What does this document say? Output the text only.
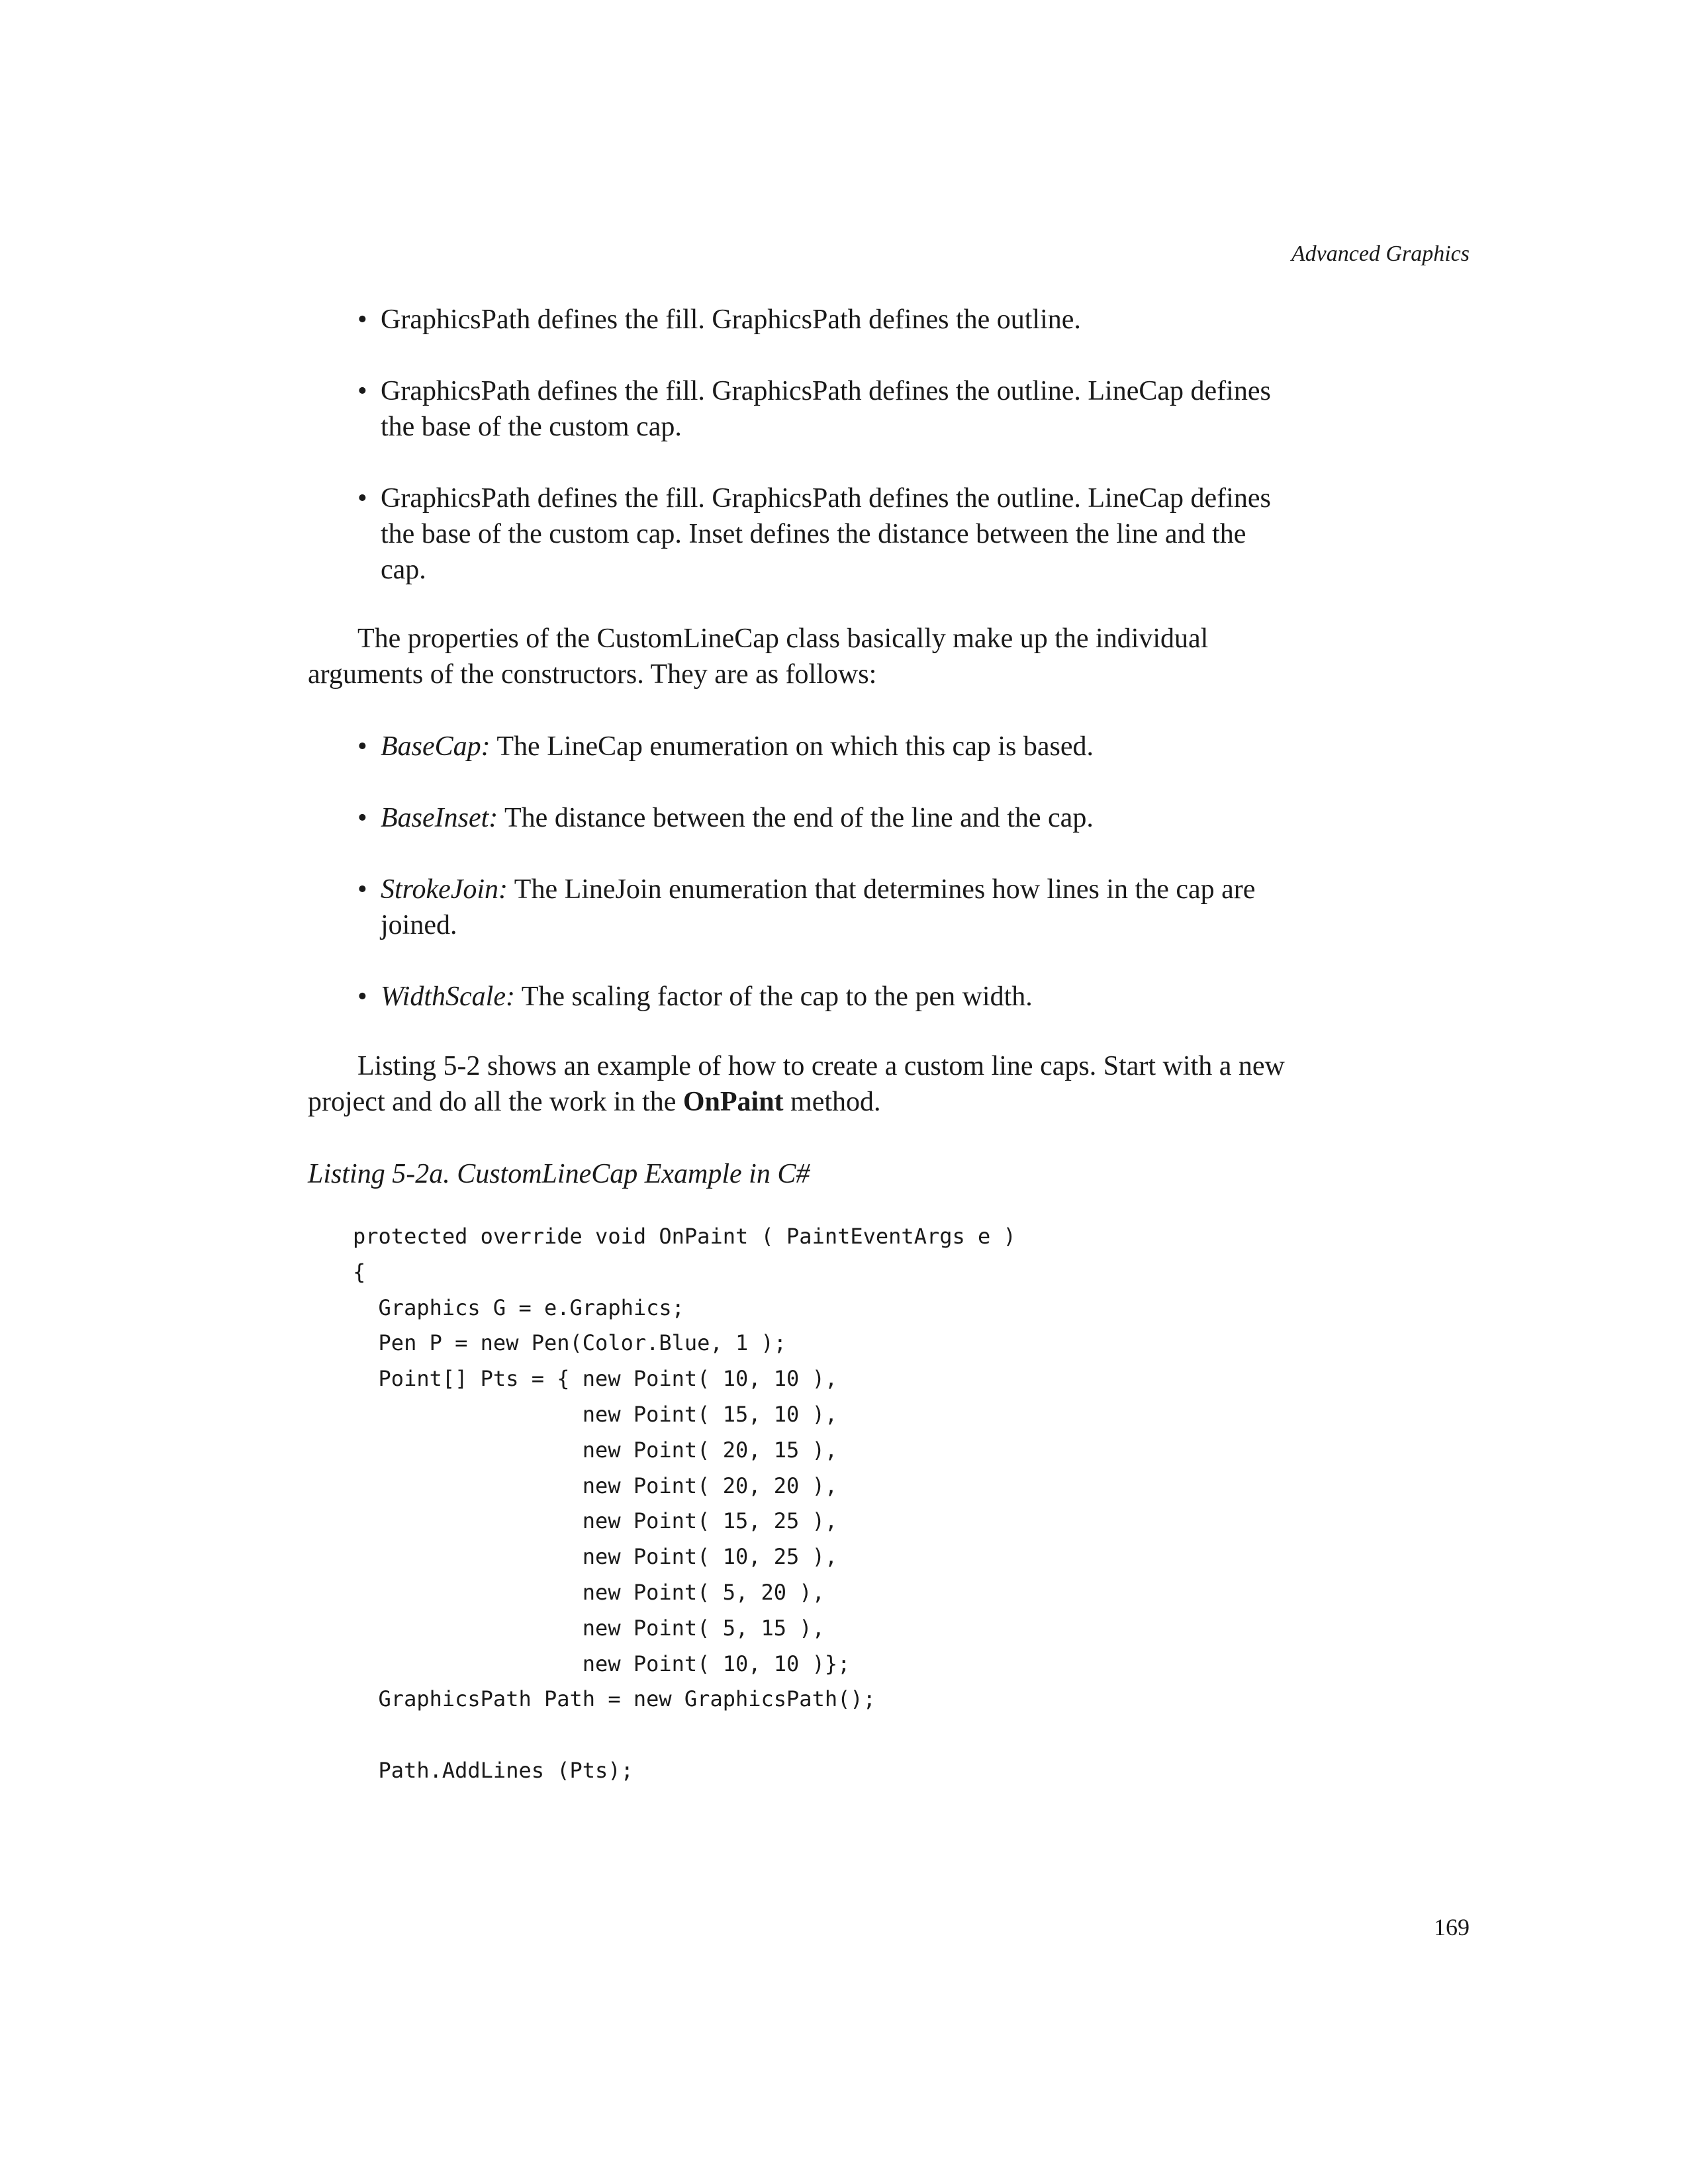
Advanced Graphics
• GraphicsPath defines the fill. GraphicsPath defines the outline.
• GraphicsPath defines the fill. GraphicsPath defines the outline. LineCap defines the base of the custom cap.
• GraphicsPath defines the fill. GraphicsPath defines the outline. LineCap defines the base of the custom cap. Inset defines the distance between the line and the cap.

The properties of the CustomLineCap class basically make up the individual arguments of the constructors. They are as follows:

• BaseCap: The LineCap enumeration on which this cap is based.
• BaseInset: The distance between the end of the line and the cap.
• StrokeJoin: The LineJoin enumeration that determines how lines in the cap are joined.
• WidthScale: The scaling factor of the cap to the pen width.

Listing 5-2 shows an example of how to create a custom line caps. Start with a new project and do all the work in the OnPaint method.

Listing 5-2a. CustomLineCap Example in C#

protected override void OnPaint ( PaintEventArgs e )
{
Graphics G = e.Graphics;
Pen P = new Pen(Color.Blue, 1 );
Point[] Pts = { new Point( 10, 10 ),
new Point( 15, 10 ),
new Point( 20, 15 ),
new Point( 20, 20 ),
new Point( 15, 25 ),
new Point( 10, 25 ),
new Point( 5, 20 ),
new Point( 5, 15 ),
new Point( 10, 10 )};
GraphicsPath Path = new GraphicsPath();
Path.AddLines (Pts);
169
